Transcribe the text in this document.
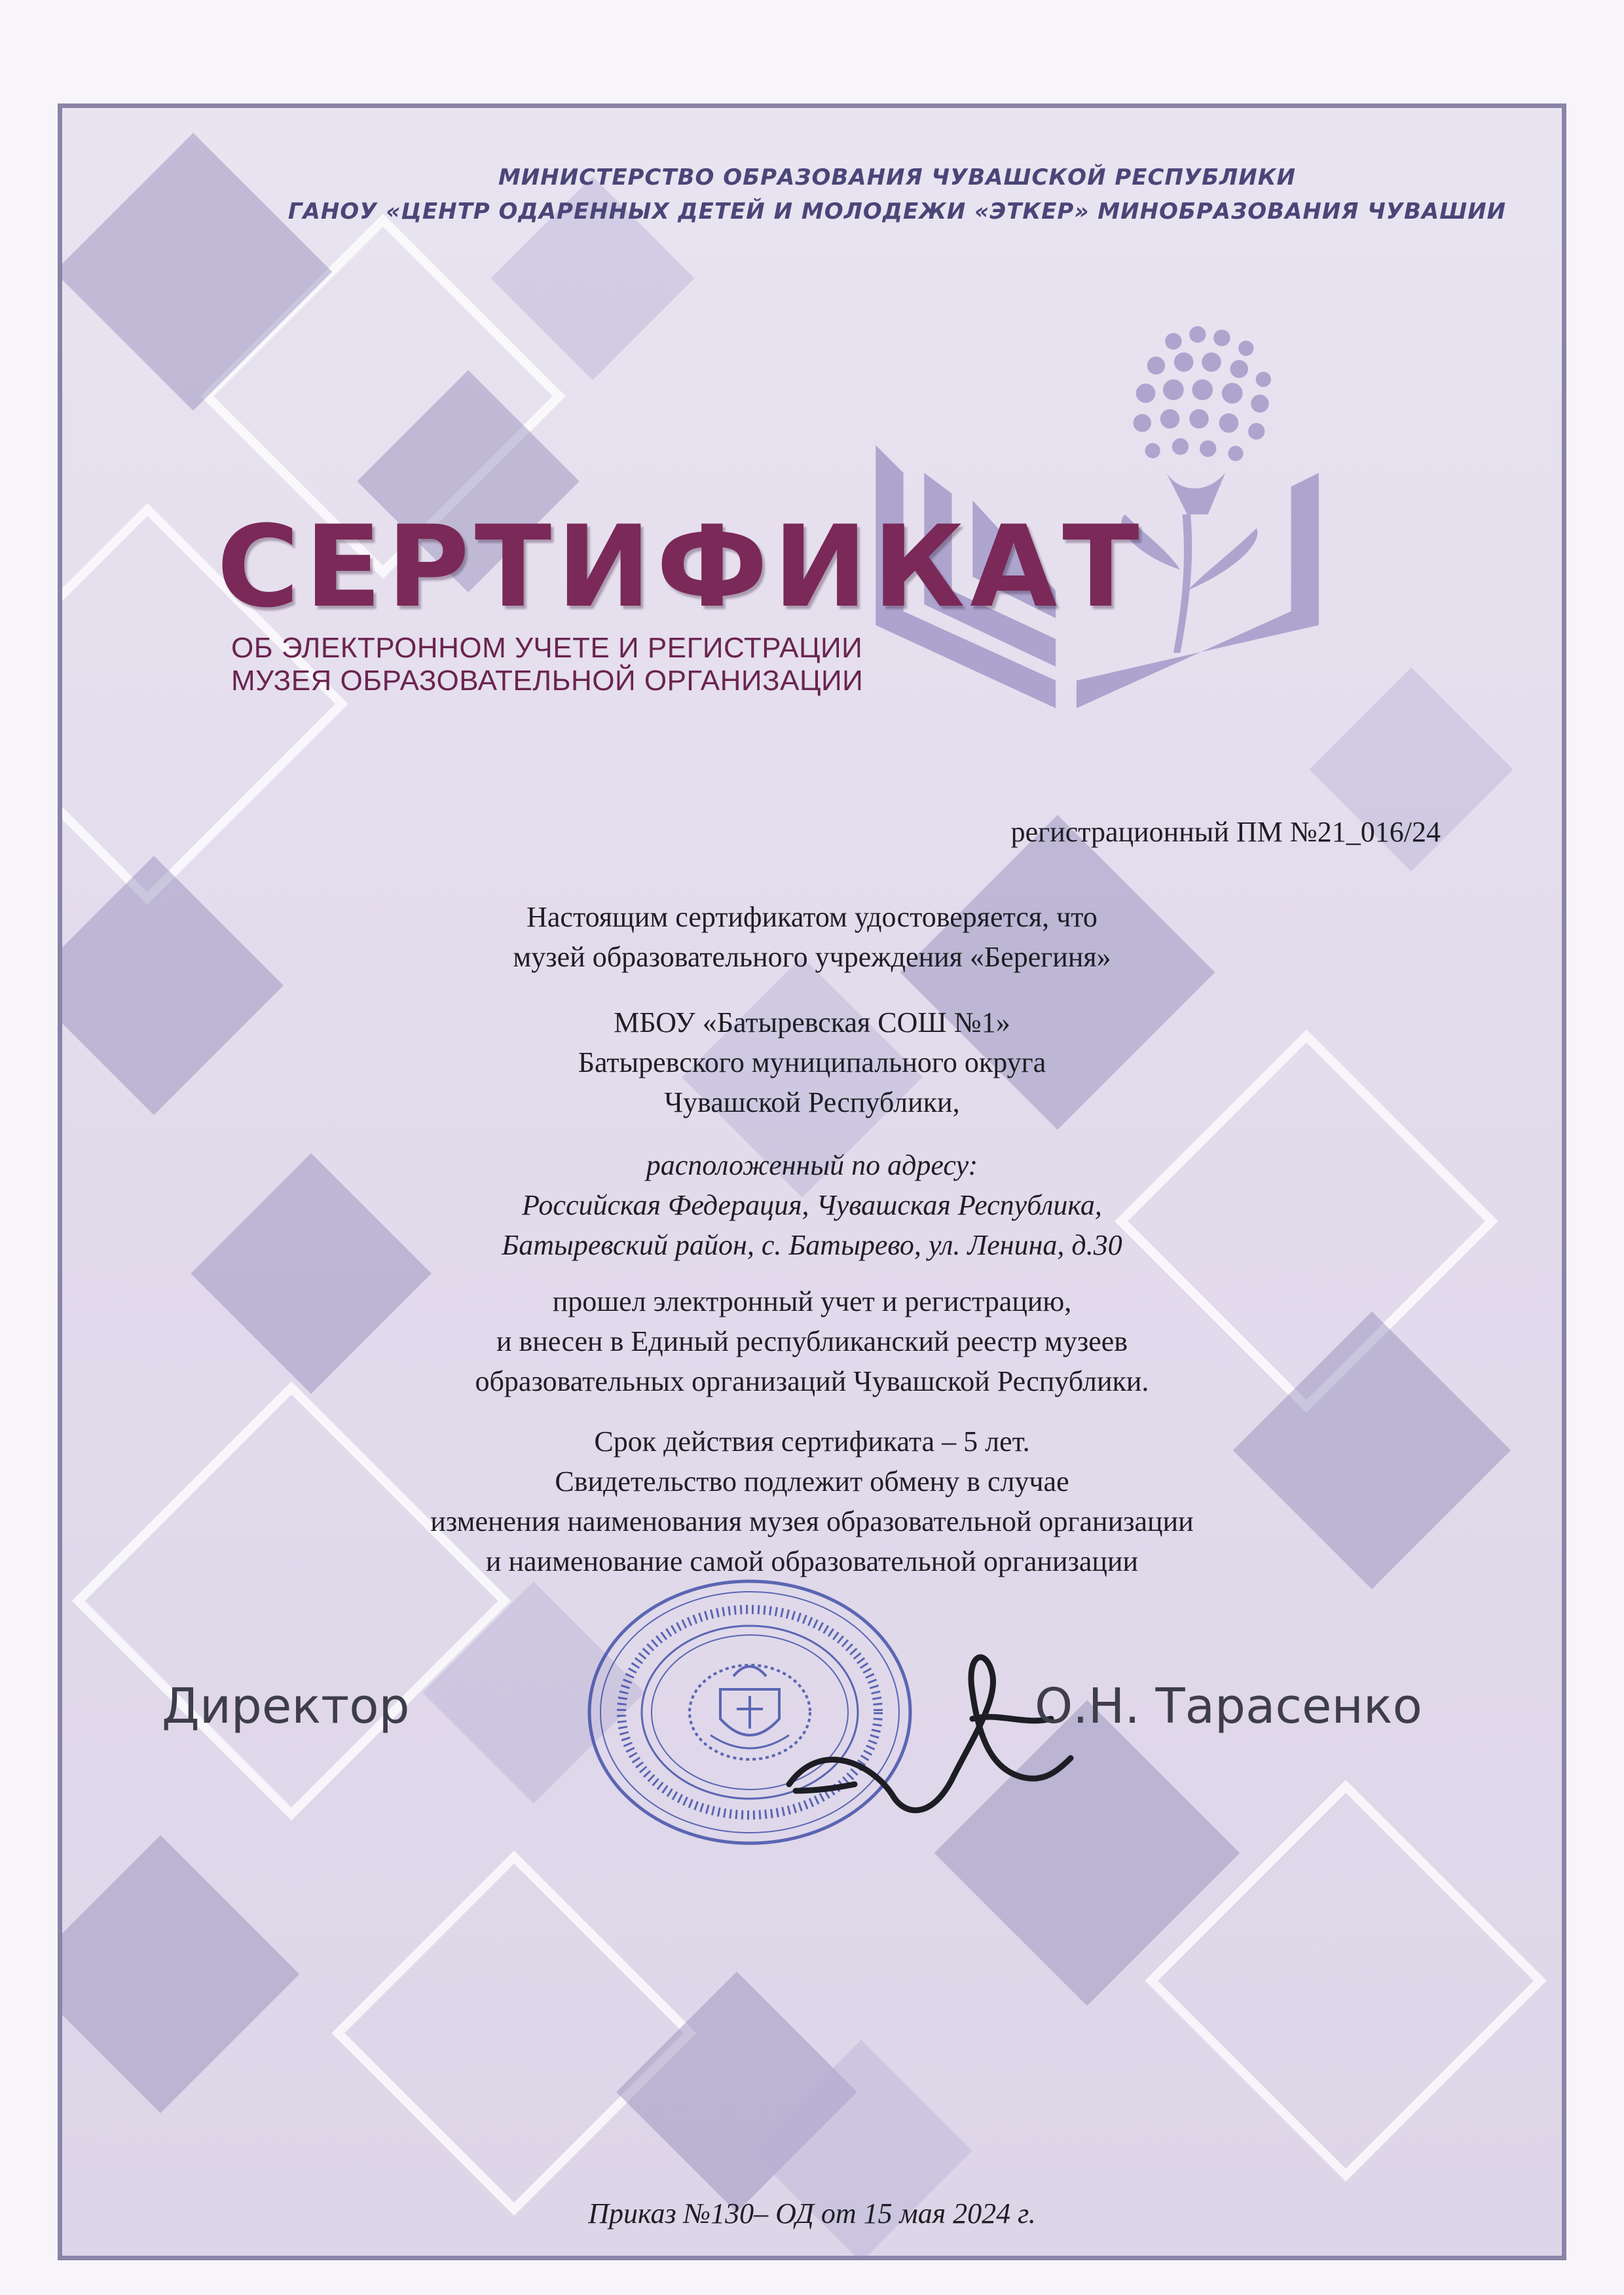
МИНИСТЕРСТВО ОБРАЗОВАНИЯ ЧУВАШСКОЙ РЕСПУБЛИКИ
ГАНОУ «ЦЕНТР ОДАРЕННЫХ ДЕТЕЙ И МОЛОДЕЖИ «ЭТКЕР» МИНОБРАЗОВАНИЯ ЧУВАШИИ
СЕРТИФИКАТ
ОБ ЭЛЕКТРОННОМ УЧЕТЕ И РЕГИСТРАЦИИ
МУЗЕЯ ОБРАЗОВАТЕЛЬНОЙ ОРГАНИЗАЦИИ
регистрационный ПМ №21_016/24
Настоящим сертификатом удостоверяется, что
музей образовательного учреждения «Берегиня»
МБОУ «Батыревская СОШ №1»
Батыревского муниципального округа
Чувашской Республики,
расположенный по адресу:
Российская Федерация, Чувашская Республика,
Батыревский район, с. Батырево, ул. Ленина, д.30
прошел электронный учет и регистрацию,
и внесен в Единый республиканский реестр музеев
образовательных организаций Чувашской Республики.
Срок действия сертификата – 5 лет.
Свидетельство подлежит обмену в случае
изменения наименования музея образовательной организации
и наименование самой образовательной организации
Директор	О.Н. Тарасенко
Приказ №130– ОД от 15 мая 2024 г.
